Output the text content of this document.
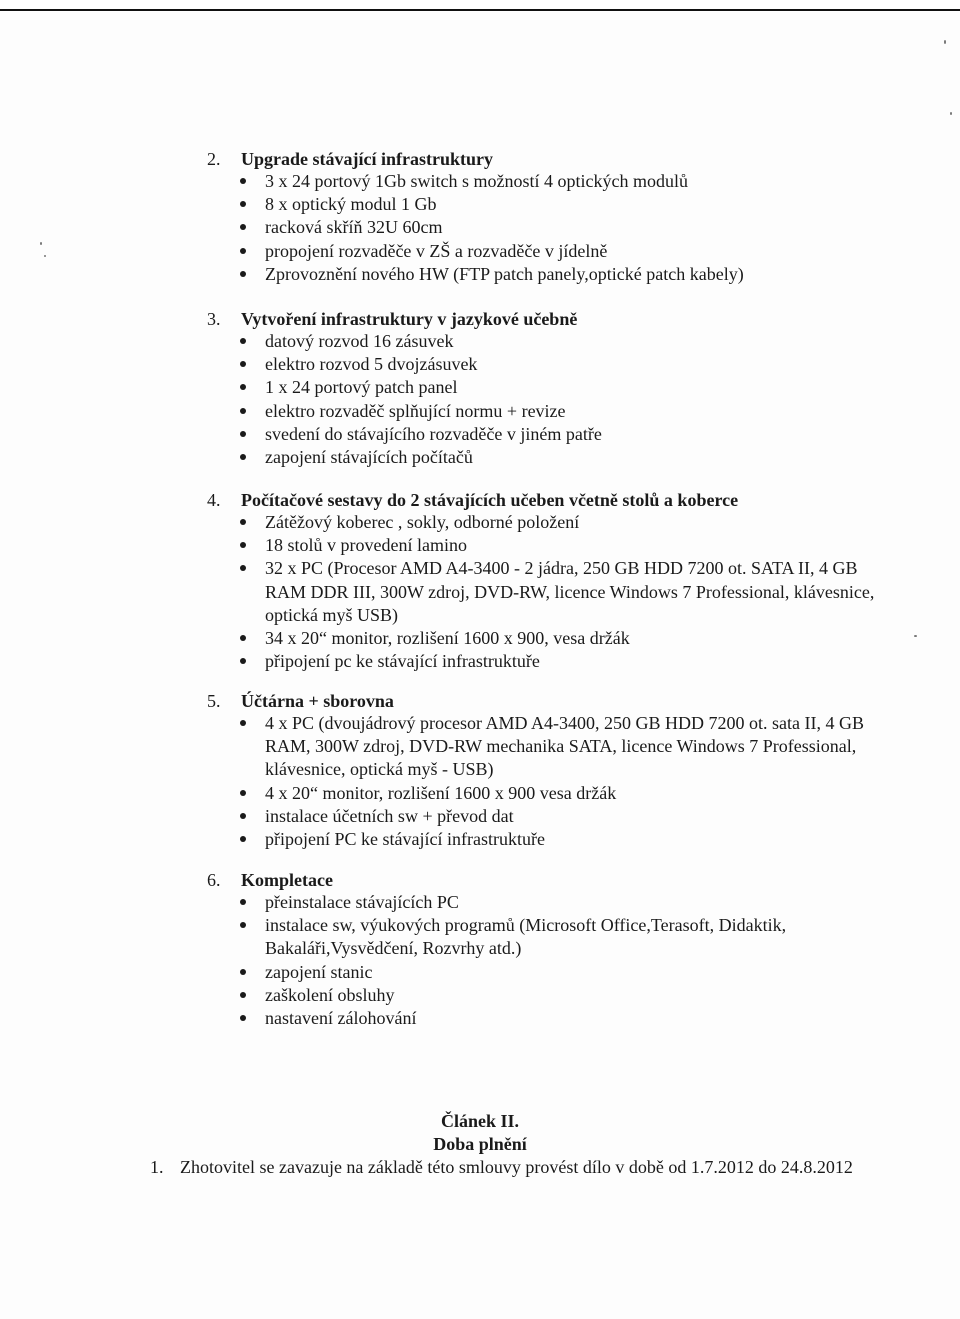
2. Upgrade stávající infrastruktury
3 x 24 portový 1Gb switch s možností 4 optických modulů
8 x optický modul 1 Gb
racková skříň 32U 60cm
propojení rozvaděče v ZŠ a rozvaděče v jídelně
Zprovoznění nového HW (FTP patch panely,optické patch kabely)
3. Vytvoření infrastruktury v jazykové učebně
datový rozvod 16 zásuvek
elektro rozvod 5 dvojzásuvek
1 x 24 portový patch panel
elektro rozvaděč splňující normu + revize
svedení do stávajícího rozvaděče v jiném patře
zapojení stávajících počítačů
4. Počítačové sestavy do 2 stávajících učeben včetně stolů a koberce
Zátěžový koberec , sokly, odborné položení
18 stolů v provedení lamino
32 x PC (Procesor AMD A4-3400 - 2 jádra, 250 GB HDD 7200 ot. SATA II, 4 GB RAM DDR III, 300W zdroj, DVD-RW, licence Windows 7 Professional, klávesnice, optická myš USB)
34 x 20“ monitor, rozlišení 1600 x 900, vesa držák
připojení pc ke stávající infrastruktuře
5. Účtárna + sborovna
4 x PC (dvoujádrový procesor AMD A4-3400, 250 GB HDD 7200 ot. sata II, 4 GB RAM, 300W zdroj, DVD-RW mechanika SATA, licence Windows 7 Professional, klávesnice, optická myš - USB)
4 x 20“ monitor, rozlišení 1600 x 900 vesa držák
instalace účetních sw + převod dat
připojení PC ke stávající infrastruktuře
6. Kompletace
přeinstalace stávajících PC
instalace sw, výukových programů (Microsoft Office,Terasoft, Didaktik, Bakaláři,Vysvědčení, Rozvrhy atd.)
zapojení stanic
zaškolení obsluhy
nastavení zálohování
Článek II.
Doba plnění
1. Zhotovitel se zavazuje na základě této smlouvy provést dílo v době od 1.7.2012 do 24.8.2012
